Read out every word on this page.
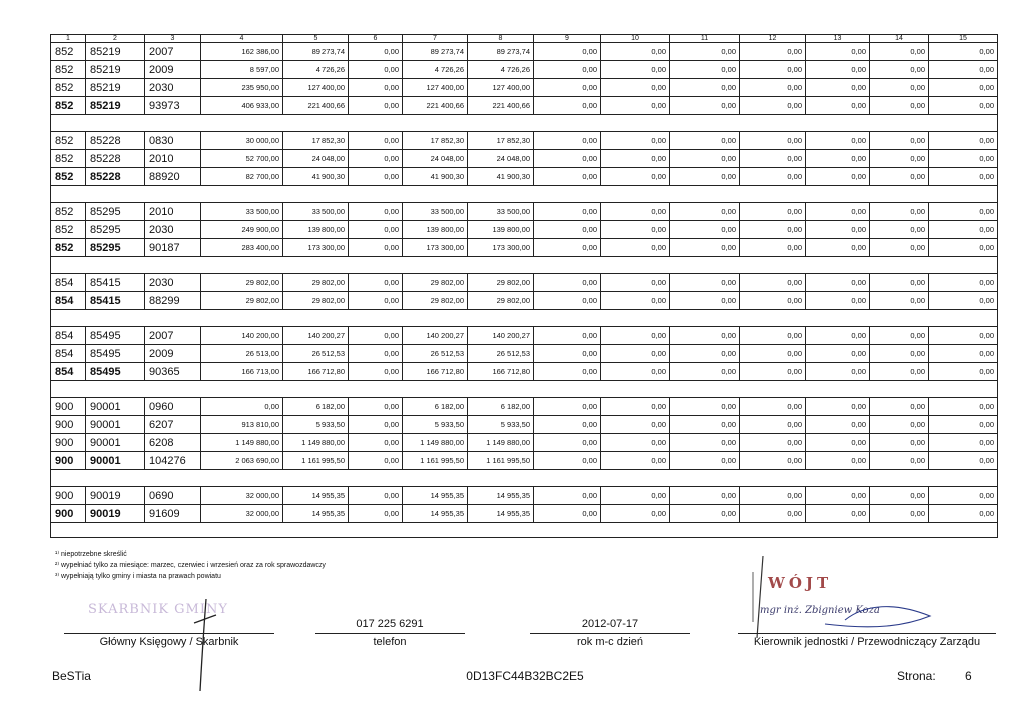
1	2	3	4	5	6	7	8	9	10	11	12	13	14	15
852	85219	2007	162 386,00	89 273,74	0,00	89 273,74	89 273,74	0,00	0,00	0,00	0,00	0,00	0,00	0,00
852	85219	2009	8 597,00	4 726,26	0,00	4 726,26	4 726,26	0,00	0,00	0,00	0,00	0,00	0,00	0,00
852	85219	2030	235 950,00	127 400,00	0,00	127 400,00	127 400,00	0,00	0,00	0,00	0,00	0,00	0,00	0,00
852	85219	93973	406 933,00	221 400,66	0,00	221 400,66	221 400,66	0,00	0,00	0,00	0,00	0,00	0,00	0,00

852	85228	0830	30 000,00	17 852,30	0,00	17 852,30	17 852,30	0,00	0,00	0,00	0,00	0,00	0,00	0,00
852	85228	2010	52 700,00	24 048,00	0,00	24 048,00	24 048,00	0,00	0,00	0,00	0,00	0,00	0,00	0,00
852	85228	88920	82 700,00	41 900,30	0,00	41 900,30	41 900,30	0,00	0,00	0,00	0,00	0,00	0,00	0,00

852	85295	2010	33 500,00	33 500,00	0,00	33 500,00	33 500,00	0,00	0,00	0,00	0,00	0,00	0,00	0,00
852	85295	2030	249 900,00	139 800,00	0,00	139 800,00	139 800,00	0,00	0,00	0,00	0,00	0,00	0,00	0,00
852	85295	90187	283 400,00	173 300,00	0,00	173 300,00	173 300,00	0,00	0,00	0,00	0,00	0,00	0,00	0,00

854	85415	2030	29 802,00	29 802,00	0,00	29 802,00	29 802,00	0,00	0,00	0,00	0,00	0,00	0,00	0,00
854	85415	88299	29 802,00	29 802,00	0,00	29 802,00	29 802,00	0,00	0,00	0,00	0,00	0,00	0,00	0,00

854	85495	2007	140 200,00	140 200,27	0,00	140 200,27	140 200,27	0,00	0,00	0,00	0,00	0,00	0,00	0,00
854	85495	2009	26 513,00	26 512,53	0,00	26 512,53	26 512,53	0,00	0,00	0,00	0,00	0,00	0,00	0,00
854	85495	90365	166 713,00	166 712,80	0,00	166 712,80	166 712,80	0,00	0,00	0,00	0,00	0,00	0,00	0,00

900	90001	0960	0,00	6 182,00	0,00	6 182,00	6 182,00	0,00	0,00	0,00	0,00	0,00	0,00	0,00
900	90001	6207	913 810,00	5 933,50	0,00	5 933,50	5 933,50	0,00	0,00	0,00	0,00	0,00	0,00	0,00
900	90001	6208	1 149 880,00	1 149 880,00	0,00	1 149 880,00	1 149 880,00	0,00	0,00	0,00	0,00	0,00	0,00	0,00
900	90001	104276	2 063 690,00	1 161 995,50	0,00	1 161 995,50	1 161 995,50	0,00	0,00	0,00	0,00	0,00	0,00	0,00

900	90019	0690	32 000,00	14 955,35	0,00	14 955,35	14 955,35	0,00	0,00	0,00	0,00	0,00	0,00	0,00
900	90019	91609	32 000,00	14 955,35	0,00	14 955,35	14 955,35	0,00	0,00	0,00	0,00	0,00	0,00	0,00

¹⁾ niepotrzebne skreślić
²⁾ wypełniać tylko za miesiące: marzec, czerwiec i wrzesień oraz za rok sprawozdawczy
³⁾ wypełniają tylko gminy i miasta na prawach powiatu
SKARBNIK GMINY
Główny Księgowy / Skarbnik
017 225 6291
telefon
2012-07-17
rok m-c dzień
WÓJT
mgr inż. Zbigniew Koza
Kierownik jednostki / Przewodniczący Zarządu
BeSTia	0D13FC44B32BC2E5	Strona: 6
